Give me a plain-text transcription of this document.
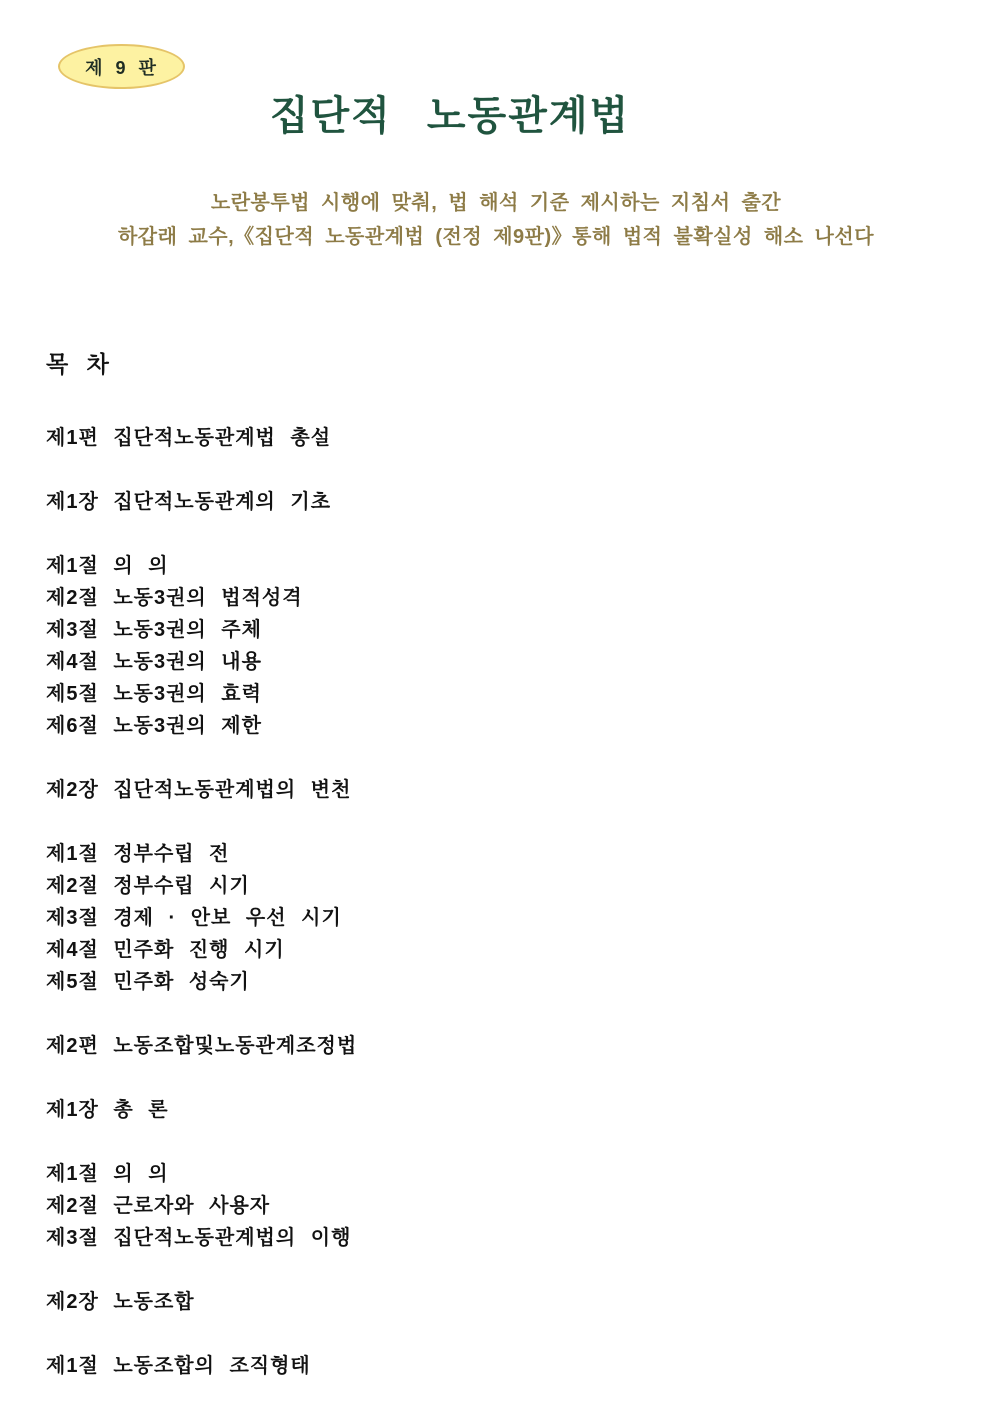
제 9 판
집단적 노동관계법
노란봉투법 시행에 맞춰, 법 해석 기준 제시하는 지침서 출간
하갑래 교수,《집단적 노동관계법 (전정 제9판)》통해 법적 불확실성 해소 나선다
목 차
제1편 집단적노동관계법 총설
제1장 집단적노동관계의 기초
제1절 의 의
제2절 노동3권의 법적성격
제3절 노동3권의 주체
제4절 노동3권의 내용
제5절 노동3권의 효력
제6절 노동3권의 제한
제2장 집단적노동관계법의 변천
제1절 정부수립 전
제2절 정부수립 시기
제3절 경제 · 안보 우선 시기
제4절 민주화 진행 시기
제5절 민주화 성숙기
제2편 노동조합및노동관계조정법
제1장 총 론
제1절 의 의
제2절 근로자와 사용자
제3절 집단적노동관계법의 이행
제2장 노동조합
제1절 노동조합의 조직형태
